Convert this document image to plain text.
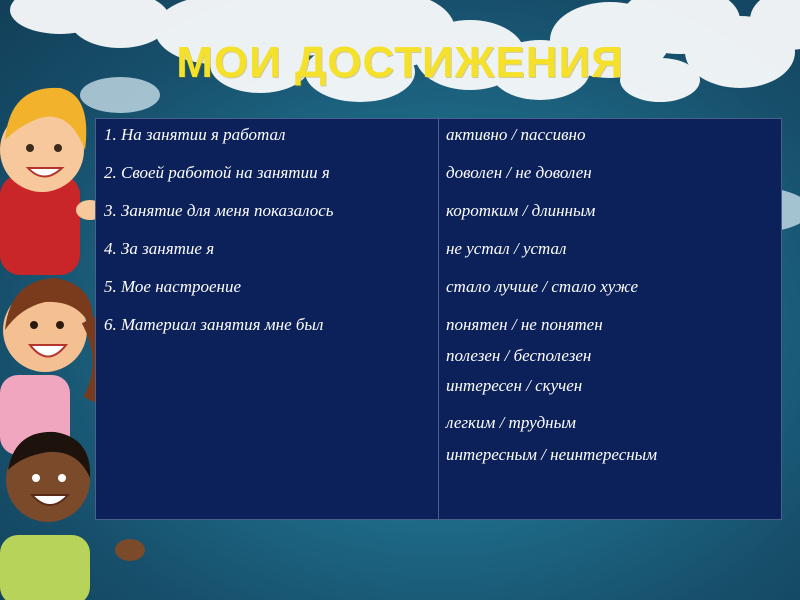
МОИ ДОСТИЖЕНИЯ
1. На занятии я работал
2. Своей работой на занятии я
3. Занятие для меня показалось
4. За занятие я
5. Мое настроение
6. Материал занятия мне был
активно / пассивно
доволен / не доволен
коротким / длинным
не устал / устал
стало лучше / стало хуже
понятен / не понятен
полезен / бесполезен
интересен / скучен
легким / трудным
интересным / неинтересным
